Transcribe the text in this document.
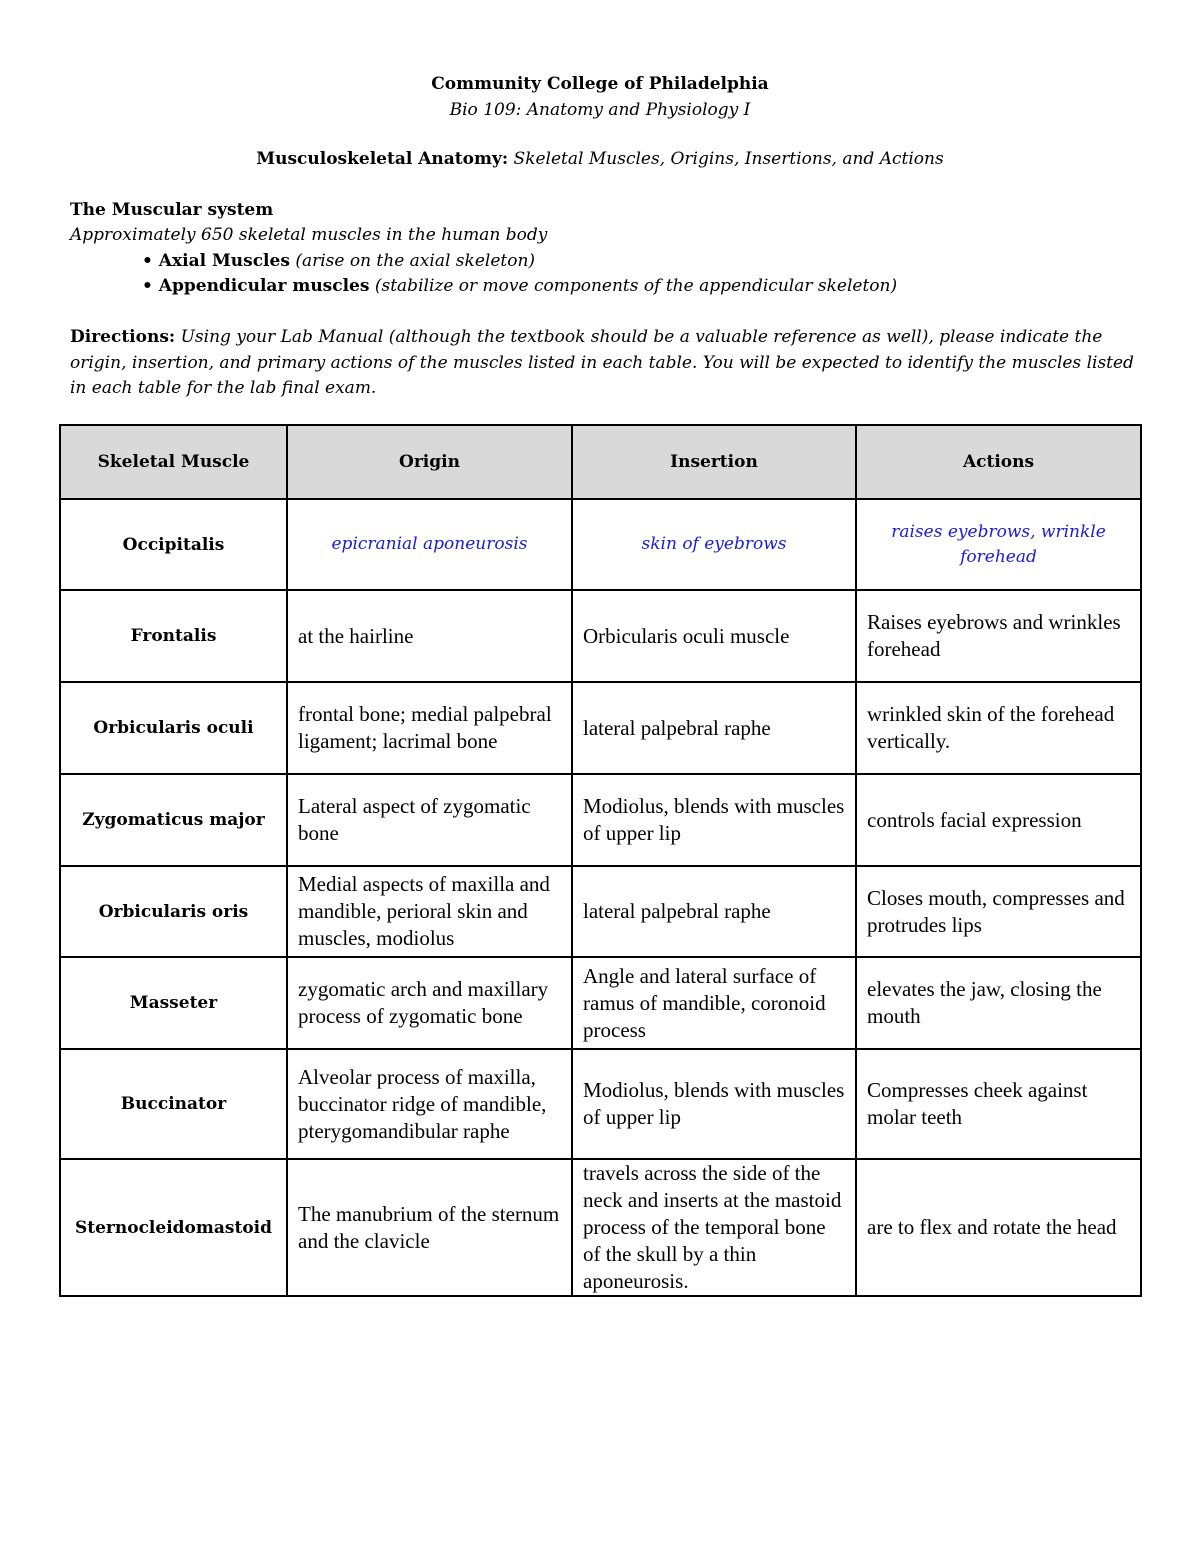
Community College of Philadelphia
Bio 109: Anatomy and Physiology I
Musculoskeletal Anatomy: Skeletal Muscles, Origins, Insertions, and Actions
The Muscular system
Approximately 650 skeletal muscles in the human body
• Axial Muscles (arise on the axial skeleton)
• Appendicular muscles (stabilize or move components of the appendicular skeleton)
Directions: Using your Lab Manual (although the textbook should be a valuable reference as well), please indicate the origin, insertion, and primary actions of the muscles listed in each table. You will be expected to identify the muscles listed in each table for the lab final exam.
Skeletal Muscle	Origin	Insertion	Actions
Occipitalis	epicranial aponeurosis	skin of eyebrows	raises eyebrows, wrinkle forehead
Frontalis	at the hairline	Orbicularis oculi muscle	Raises eyebrows and wrinkles forehead
Orbicularis oculi	frontal bone; medial palpebral ligament; lacrimal bone	lateral palpebral raphe	wrinkled skin of the forehead vertically.
Zygomaticus major	Lateral aspect of zygomatic bone	Modiolus, blends with muscles of upper lip	controls facial expression
Orbicularis oris	Medial aspects of maxilla and mandible, perioral skin and muscles, modiolus	lateral palpebral raphe	Closes mouth, compresses and protrudes lips
Masseter	zygomatic arch and maxillary process of zygomatic bone	Angle and lateral surface of ramus of mandible, coronoid process	elevates the jaw, closing the mouth
Buccinator	Alveolar process of maxilla, buccinator ridge of mandible, pterygomandibular raphe	Modiolus, blends with muscles of upper lip	Compresses cheek against molar teeth
Sternocleidomastoid	The manubrium of the sternum and the clavicle	travels across the side of the neck and inserts at the mastoid process of the temporal bone of the skull by a thin aponeurosis.	are to flex and rotate the head
